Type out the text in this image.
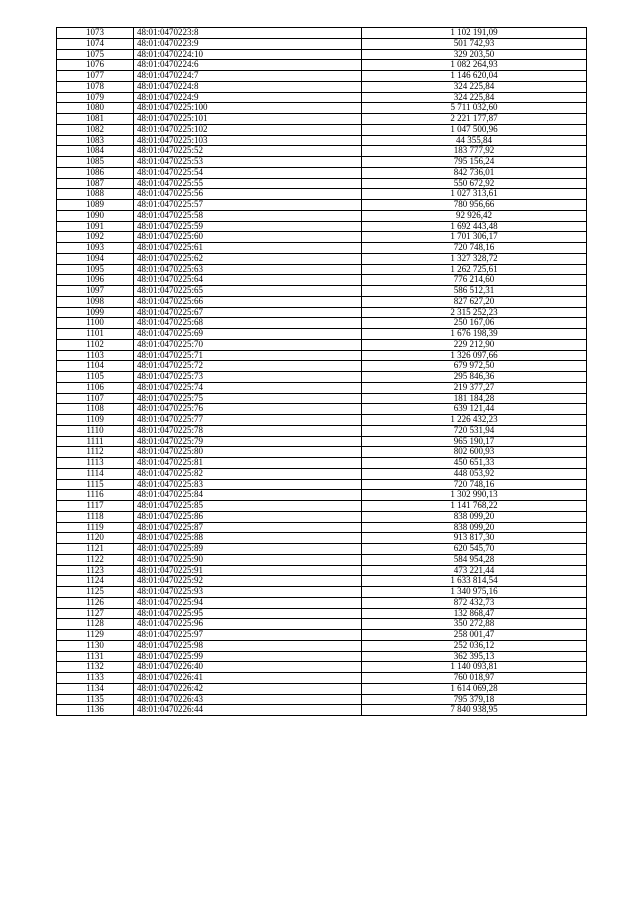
1073	48:01:0470223:8	1 102 191,09
1074	48:01:0470223:9	501 742,93
1075	48:01:0470224:10	329 203,50
1076	48:01:0470224:6	1 082 264,93
1077	48:01:0470224:7	1 146 620,04
1078	48:01:0470224:8	324 225,84
1079	48:01:0470224:9	324 225,84
1080	48:01:0470225:100	5 711 032,60
1081	48:01:0470225:101	2 221 177,87
1082	48:01:0470225:102	1 047 500,96
1083	48:01:0470225:103	44 355,84
1084	48:01:0470225:52	183 777,92
1085	48:01:0470225:53	795 156,24
1086	48:01:0470225:54	842 736,01
1087	48:01:0470225:55	550 672,92
1088	48:01:0470225:56	1 027 313,61
1089	48:01:0470225:57	780 956,66
1090	48:01:0470225:58	92 926,42
1091	48:01:0470225:59	1 692 443,48
1092	48:01:0470225:60	1 701 306,17
1093	48:01:0470225:61	720 748,16
1094	48:01:0470225:62	1 327 328,72
1095	48:01:0470225:63	1 262 725,61
1096	48:01:0470225:64	776 214,60
1097	48:01:0470225:65	586 512,31
1098	48:01:0470225:66	827 627,20
1099	48:01:0470225:67	2 315 252,23
1100	48:01:0470225:68	250 167,06
1101	48:01:0470225:69	1 676 198,39
1102	48:01:0470225:70	229 212,90
1103	48:01:0470225:71	1 326 097,66
1104	48:01:0470225:72	679 972,50
1105	48:01:0470225:73	295 846,36
1106	48:01:0470225:74	219 377,27
1107	48:01:0470225:75	181 184,28
1108	48:01:0470225:76	639 121,44
1109	48:01:0470225:77	1 226 432,23
1110	48:01:0470225:78	720 531,94
1111	48:01:0470225:79	965 190,17
1112	48:01:0470225:80	802 600,93
1113	48:01:0470225:81	450 651,33
1114	48:01:0470225:82	448 053,92
1115	48:01:0470225:83	720 748,16
1116	48:01:0470225:84	1 302 990,13
1117	48:01:0470225:85	1 141 768,22
1118	48:01:0470225:86	838 099,20
1119	48:01:0470225:87	838 099,20
1120	48:01:0470225:88	913 817,30
1121	48:01:0470225:89	620 545,70
1122	48:01:0470225:90	584 954,28
1123	48:01:0470225:91	473 221,44
1124	48:01:0470225:92	1 633 814,54
1125	48:01:0470225:93	1 340 975,16
1126	48:01:0470225:94	872 432,73
1127	48:01:0470225:95	132 868,47
1128	48:01:0470225:96	350 272,88
1129	48:01:0470225:97	258 001,47
1130	48:01:0470225:98	252 036,12
1131	48:01:0470225:99	362 395,13
1132	48:01:0470226:40	1 140 093,81
1133	48:01:0470226:41	760 018,97
1134	48:01:0470226:42	1 614 069,28
1135	48:01:0470226:43	795 379,18
1136	48:01:0470226:44	7 840 938,95
